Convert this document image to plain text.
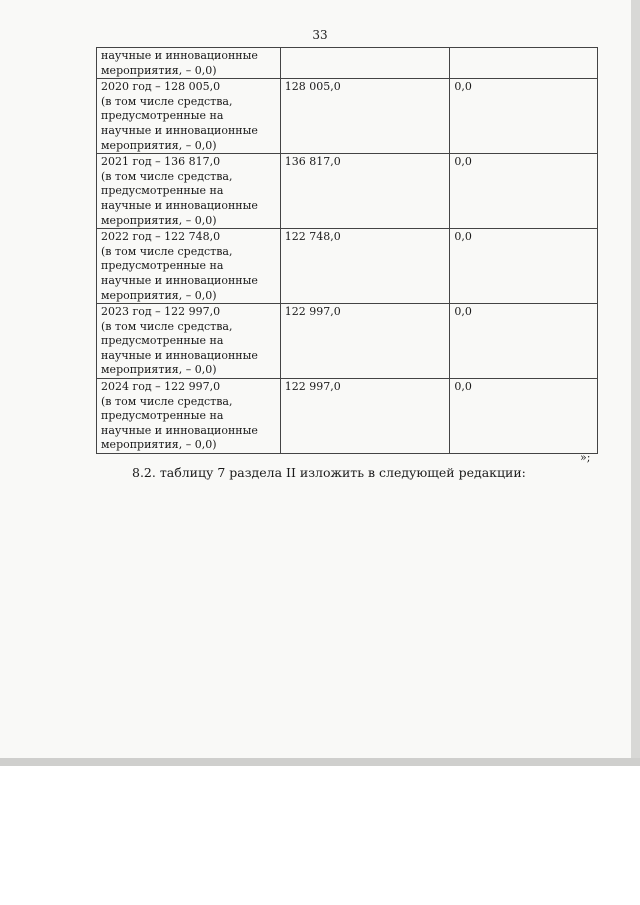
33
научные и инновационные
мероприятия, – 0,0)		

2020 год – 128 005,0
(в том числе средства,
предусмотренные на
научные и инновационные
мероприятия, – 0,0)	128 005,0	0,0

2021 год – 136 817,0
(в том числе средства,
предусмотренные на
научные и инновационные
мероприятия, – 0,0)	136 817,0	0,0

2022 год – 122 748,0
(в том числе средства,
предусмотренные на
научные и инновационные
мероприятия, – 0,0)	122 748,0	0,0

2023 год – 122 997,0
(в том числе средства,
предусмотренные на
научные и инновационные
мероприятия, – 0,0)	122 997,0	0,0

2024 год – 122 997,0
(в том числе средства,
предусмотренные на
научные и инновационные
мероприятия, – 0,0)	122 997,0	0,0
»;
8.2. таблицу 7 раздела II изложить в следующей редакции:
